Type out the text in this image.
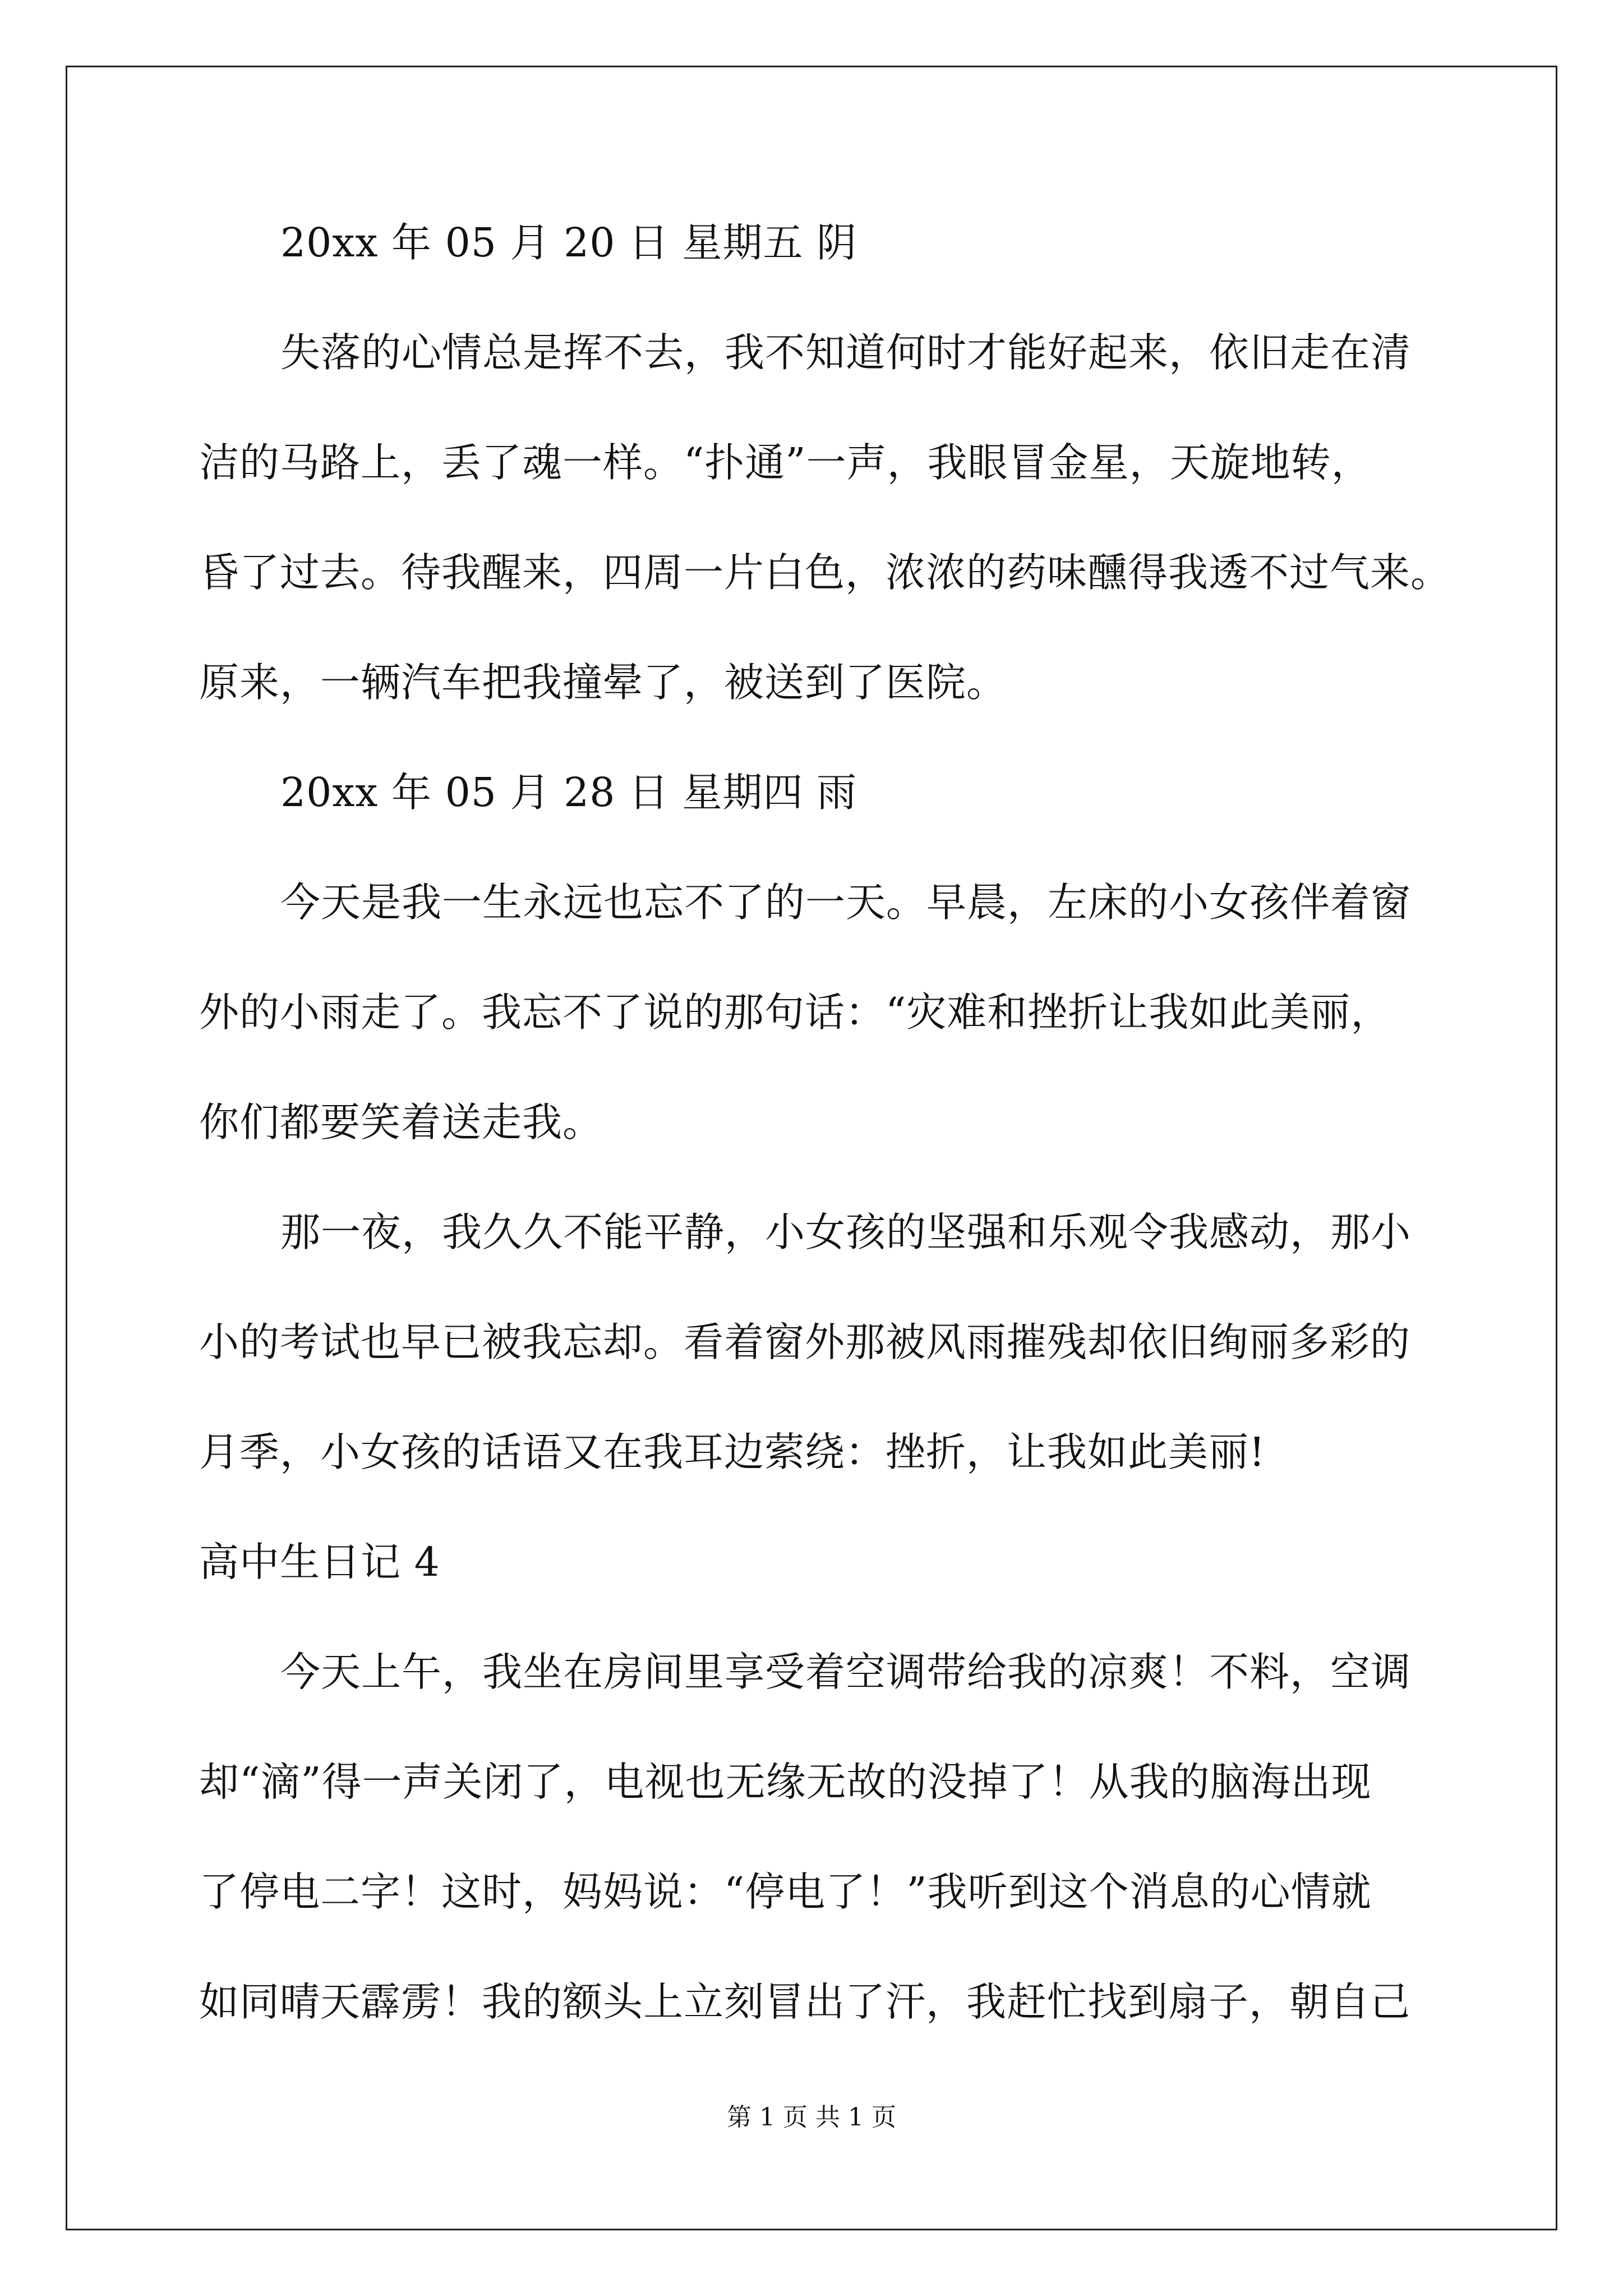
20xx 年 05 月 20 日 星期五 阴

失落的心情总是挥不去，我不知道何时才能好起来，依旧走在清

洁的马路上，丢了魂一样。“扑通”一声，我眼冒金星，天旋地转，

昏了过去。待我醒来，四周一片白色，浓浓的药味醺得我透不过气来。

原来，一辆汽车把我撞晕了，被送到了医院。

20xx 年 05 月 28 日 星期四 雨

今天是我一生永远也忘不了的一天。早晨，左床的小女孩伴着窗

外的小雨走了。我忘不了说的那句话：“灾难和挫折让我如此美丽，

你们都要笑着送走我。

那一夜，我久久不能平静，小女孩的坚强和乐观令我感动，那小

小的考试也早已被我忘却。看着窗外那被风雨摧残却依旧绚丽多彩的

月季，小女孩的话语又在我耳边萦绕：挫折，让我如此美丽!

高中生日记 4

今天上午，我坐在房间里享受着空调带给我的凉爽！不料，空调

却“滴”得一声关闭了，电视也无缘无故的没掉了！从我的脑海出现

了停电二字！这时，妈妈说：“停电了！”我听到这个消息的心情就

如同晴天霹雳！我的额头上立刻冒出了汗，我赶忙找到扇子，朝自己

第 1 页 共 1 页
